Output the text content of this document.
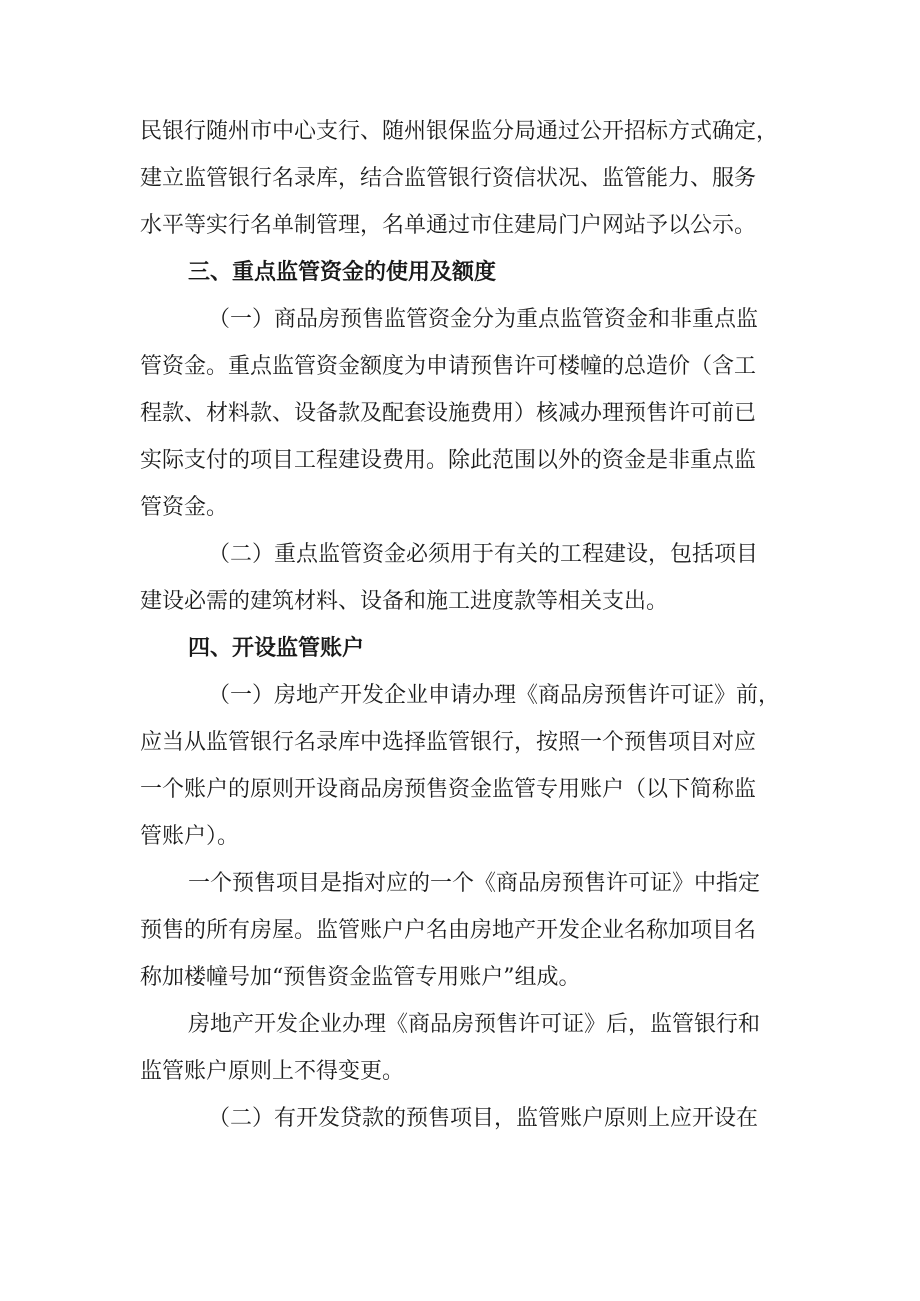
民银行随州市中心支行、随州银保监分局通过公开招标方式确定，
建立监管银行名录库，结合监管银行资信状况、监管能力、服务
水平等实行名单制管理，名单通过市住建局门户网站予以公示。
三、重点监管资金的使用及额度
（一）商品房预售监管资金分为重点监管资金和非重点监
管资金。重点监管资金额度为申请预售许可楼幢的总造价（含工
程款、材料款、设备款及配套设施费用）核减办理预售许可前已
实际支付的项目工程建设费用。除此范围以外的资金是非重点监
管资金。
（二）重点监管资金必须用于有关的工程建设，包括项目
建设必需的建筑材料、设备和施工进度款等相关支出。
四、开设监管账户
（一）房地产开发企业申请办理《商品房预售许可证》前，
应当从监管银行名录库中选择监管银行，按照一个预售项目对应
一个账户的原则开设商品房预售资金监管专用账户（以下简称监
管账户）。
一个预售项目是指对应的一个《商品房预售许可证》中指定
预售的所有房屋。监管账户户名由房地产开发企业名称加项目名
称加楼幢号加“预售资金监管专用账户”组成。
房地产开发企业办理《商品房预售许可证》后，监管银行和
监管账户原则上不得变更。
（二）有开发贷款的预售项目，监管账户原则上应开设在
